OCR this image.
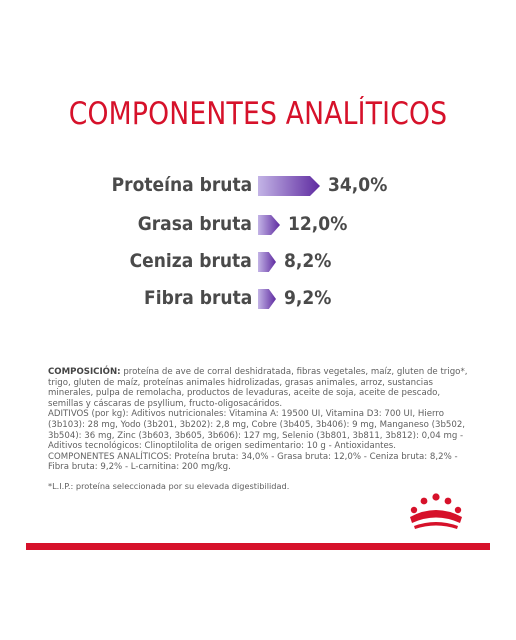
COMPONENTES ANALÍTICOS
Proteína bruta	34,0%
Grasa bruta 12,0%
Ceniza bruta 8,2%
Fibra bruta 9,2%

COMPOSICIÓN: proteína de ave de corral deshidratada, fibras vegetales, maíz, gluten de trigo*, trigo, gluten de maíz, proteínas animales hidrolizadas, grasas animales, arroz, sustancias minerales, pulpa de remolacha, productos de levaduras, aceite de soja, aceite de pescado, semillas y cáscaras de psyllium, fructo-oligosacáridos.

ADITIVOS (por kg): Aditivos nutricionales: Vitamina A: 19500 UI, Vitamina D3: 700 UI, Hierro (3b103): 28 mg, Yodo (3b201, 3b202): 2,8 mg, Cobre (3b405, 3b406): 9 mg, Manganeso (3b502, 3b504): 36 mg, Zinc (3b603, 3b605, 3b606): 127 mg, Selenio (3b801, 3b811, 3b812): 0,04 mg - Aditivos tecnológicos: Clinoptilolita de origen sedimentario: 10 g - Antioxidantes.

COMPONENTES ANALÍTICOS: Proteína bruta: 34,0% - Grasa bruta: 12,0% - Ceniza bruta: 8,2% - Fibra bruta: 9,2% - L-carnitina: 200 mg/kg.

*L.I.P.: proteína seleccionada por su elevada digestibilidad.
